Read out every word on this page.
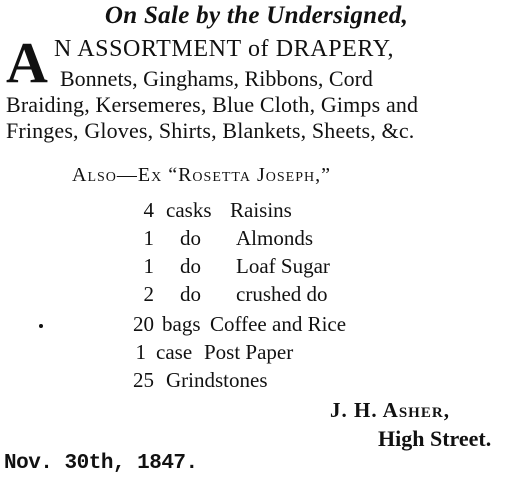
On Sale by the Undersigned,
A N ASSORTMENT of DRAPERY,
Bonnets, Ginghams, Ribbons, Cord
Braiding, Kersemeres, Blue Cloth, Gimps and
Fringes, Gloves, Shirts, Blankets, Sheets, &c.
Also—Ex “Rosetta Joseph,”
4 casks Raisins
1 do Almonds
1 do Loaf Sugar
2 do crushed do
20 bags Coffee and Rice
1 case Post Paper
25 Grindstones
J. H. Asher,
High Street.
Nov. 30th, 1847.
